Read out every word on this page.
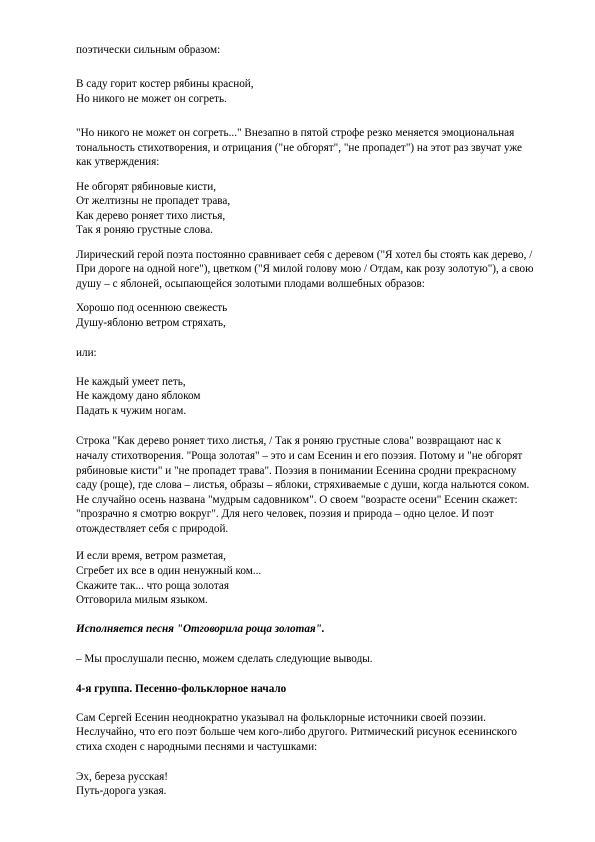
поэтически сильным образом:
В саду горит костер рябины красной,
Но никого не может он согреть.
"Но никого не может он согреть..." Внезапно в пятой строфе резко меняется эмоциональная
тональность стихотворения, и отрицания ("не обгорят", "не пропадет") на этот раз звучат уже
как утверждения:
Не обгорят рябиновые кисти,
От желтизны не пропадет трава,
Как дерево роняет тихо листья,
Так я роняю грустные слова.
Лирический герой поэта постоянно сравнивает себя с деревом ("Я хотел бы стоять как дерево, /
При дороге на одной ноге"), цветком ("Я милой голову мою / Отдам, как розу золотую"), а свою
душу – с яблоней, осыпающейся золотыми плодами волшебных образов:
Хорошо под осеннюю свежесть
Душу-яблоню ветром стряхать,
или:
Не каждый умеет петь,
Не каждому дано яблоком
Падать к чужим ногам.
Строка "Как дерево роняет тихо листья, / Так я роняю грустные слова" возвращают нас к
началу стихотворения. "Роща золотая" – это и сам Есенин и его поэзия. Потому и "не обгорят
рябиновые кисти" и "не пропадет трава". Поэзия в понимании Есенина сродни прекрасному
саду (роще), где слова – листья, образы – яблоки, стряхиваемые с души, когда нальются соком.
Не случайно осень названа "мудрым садовником". О своем "возрасте осени" Есенин скажет:
"прозрачно я смотрю вокруг". Для него человек, поэзия и природа – одно целое. И поэт
отождествляет себя с природой.
И если время, ветром разметая,
Сгребет их все в один ненужный ком...
Скажите так... что роща золотая
Отговорила милым языком.
Исполняется песня "Отговорила роща золотая".
– Мы прослушали песню, можем сделать следующие выводы.
4-я группа. Песенно-фольклорное начало
Сам Сергей Есенин неоднократно указывал на фольклорные источники своей поэзии.
Неслучайно, что его поэт больше чем кого-либо другого. Ритмический рисунок есенинского
стиха сходен с народными песнями и частушками:
Эх, береза русская!
Путь-дорога узкая.
